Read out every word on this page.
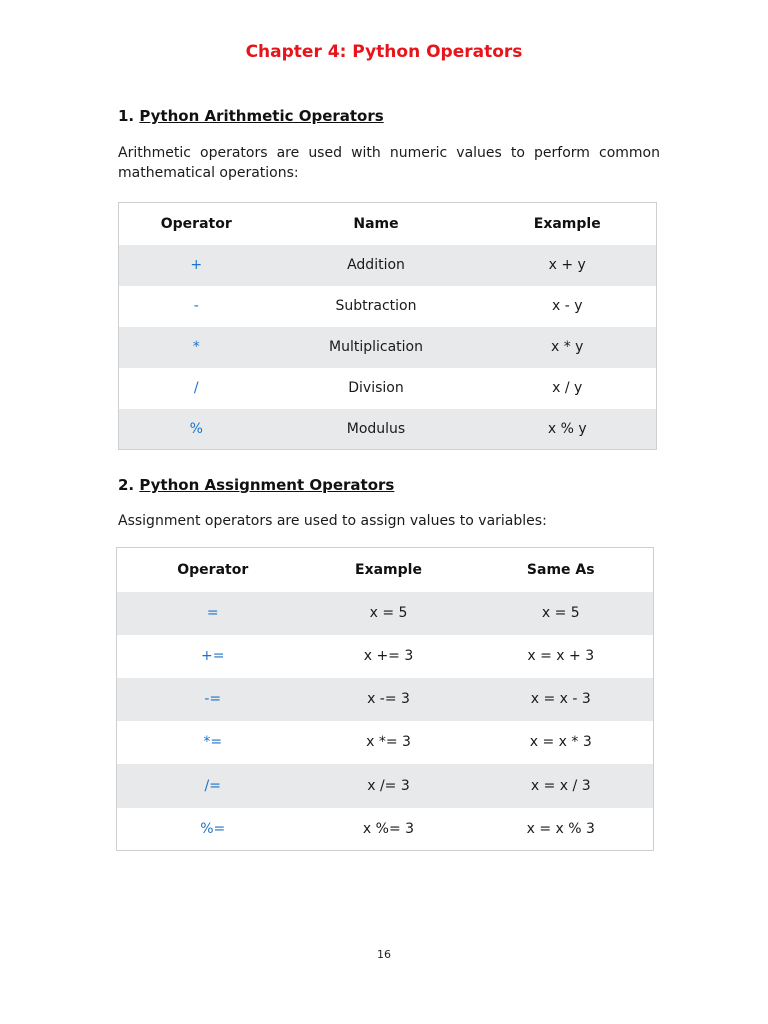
Chapter 4: Python Operators
1. Python Arithmetic Operators

Arithmetic operators are used with numeric values to perform common mathematical operations:

Operator	Name	Example
+	Addition	x + y
-	Subtraction	x - y
*	Multiplication	x * y
/	Division	x / y
%	Modulus	x % y
2. Python Assignment Operators

Assignment operators are used to assign values to variables:

Operator	Example	Same As
=	x = 5	x = 5
+=	x += 3	x = x + 3
-=	x -= 3	x = x - 3
*=	x *= 3	x = x * 3
/=	x /= 3	x = x / 3
%=	x %= 3	x = x % 3
16
